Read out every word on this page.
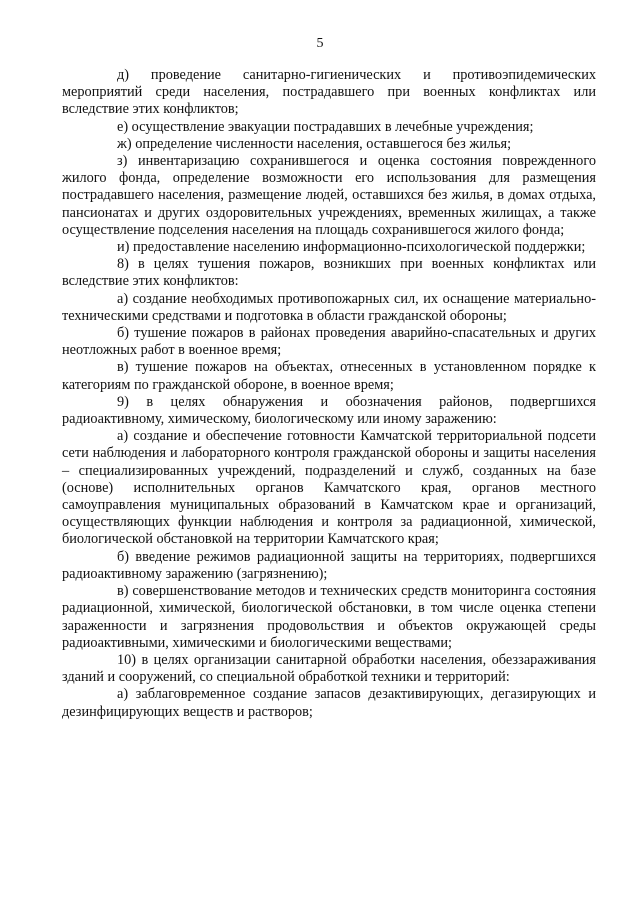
5

д) проведение санитарно-гигиенических и противоэпидемических мероприятий среди населения, пострадавшего при военных конфликтах или вследствие этих конфликтов;

е) осуществление эвакуации пострадавших в лечебные учреждения;

ж) определение численности населения, оставшегося без жилья;

з) инвентаризацию сохранившегося и оценка состояния поврежденного жилого фонда, определение возможности его использования для размещения пострадавшего населения, размещение людей, оставшихся без жилья, в домах отдыха, пансионатах и других оздоровительных учреждениях, временных жилищах, а также осуществление подселения населения на площадь сохранившегося жилого фонда;

и) предоставление населению информационно-психологической поддержки;

8) в целях тушения пожаров, возникших при военных конфликтах или вследствие этих конфликтов:

а) создание необходимых противопожарных сил, их оснащение материально-техническими средствами и подготовка в области гражданской обороны;

б) тушение пожаров в районах проведения аварийно-спасательных и других неотложных работ в военное время;

в) тушение пожаров на объектах, отнесенных в установленном порядке к категориям по гражданской обороне, в военное время;

9) в целях обнаружения и обозначения районов, подвергшихся радиоактивному, химическому, биологическому или иному заражению:

а) создание и обеспечение готовности Камчатской территориальной подсети сети наблюдения и лабораторного контроля гражданской обороны и защиты населения – специализированных учреждений, подразделений и служб, созданных на базе (основе) исполнительных органов Камчатского края, органов местного самоуправления муниципальных образований в Камчатском крае и организаций, осуществляющих функции наблюдения и контроля за радиационной, химической, биологической обстановкой на территории Камчатского края;

б) введение режимов радиационной защиты на территориях, подвергшихся радиоактивному заражению (загрязнению);

в) совершенствование методов и технических средств мониторинга состояния радиационной, химической, биологической обстановки, в том числе оценка степени зараженности и загрязнения продовольствия и объектов окружающей среды радиоактивными, химическими и биологическими веществами;

10) в целях организации санитарной обработки населения, обеззараживания зданий и сооружений, со специальной обработкой техники и территорий:

а) заблаговременное создание запасов дезактивирующих, дегазирующих и дезинфицирующих веществ и растворов;
